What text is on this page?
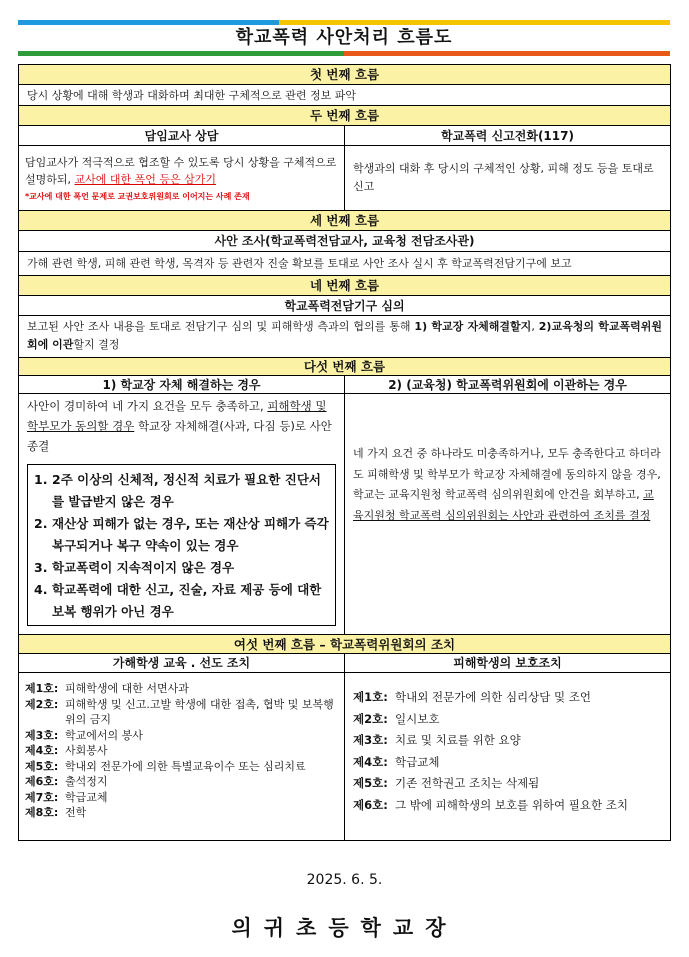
학교폭력 사안처리 흐름도
첫 번째 흐름
당시 상황에 대해 학생과 대화하며 최대한 구체적으로 관련 정보 파악
두 번째 흐름
담임교사 상담
담임교사가 적극적으로 협조할 수 있도록 당시 상황을 구체적으로 설명하되, 교사에 대한 폭언 등은 삼가기
*교사에 대한 폭언 문제로 교권보호위원회로 이어지는 사례 존재
학교폭력 신고전화(117)
학생과의 대화 후 당시의 구체적인 상황, 피해 정도 등을 토대로 신고
세 번째 흐름
사안 조사(학교폭력전담교사, 교육청 전담조사관)
가해 관련 학생, 피해 관련 학생, 목격자 등 관련자 진술 확보를 토대로 사안 조사 실시 후 학교폭력전담기구에 보고
네 번째 흐름
학교폭력전담기구 심의
보고된 사안 조사 내용을 토대로 전담기구 심의 및 피해학생 측과의 협의를 통해 1) 학교장 자체해결할지, 2)교육청의 학교폭력위원회에 이관할지 결정
다섯 번째 흐름
1) 학교장 자체 해결하는 경우
사안이 경미하여 네 가지 요건을 모두 충족하고, 피해학생 및 학부모가 동의할 경우 학교장 자체해결(사과, 다짐 등)로 사안 종결
1. 2주 이상의 신체적, 정신적 치료가 필요한 진단서를 발급받지 않은 경우
2. 재산상 피해가 없는 경우, 또는 재산상 피해가 즉각 복구되거나 복구 약속이 있는 경우
3. 학교폭력이 지속적이지 않은 경우
4. 학교폭력에 대한 신고, 진술, 자료 제공 등에 대한 보복 행위가 아닌 경우
2) (교육청) 학교폭력위원회에 이관하는 경우
네 가지 요건 중 하나라도 미충족하거나, 모두 충족한다고 하더라도 피해학생 및 학부모가 학교장 자체해결에 동의하지 않을 경우, 학교는 교육지원청 학교폭력 심의위원회에 안건을 회부하고, 교육지원청 학교폭력 심의위원회는 사안과 관련하여 조치를 결정
여섯 번째 흐름 – 학교폭력위원회의 조치
가해학생 교육 . 선도 조치
제1호: 피해학생에 대한 서면사과
제2호: 피해학생 및 신고.고발 학생에 대한 접촉, 협박 및 보복행위의 금지
제3호: 학교에서의 봉사
제4호: 사회봉사
제5호: 학내외 전문가에 의한 특별교육이수 또는 심리치료
제6호: 출석정지
제7호: 학급교체
제8호: 전학
피해학생의 보호조치
제1호: 학내외 전문가에 의한 심리상담 및 조언
제2호: 일시보호
제3호: 치료 및 치료를 위한 요양
제4호: 학급교체
제5호: 기존 전학권고 조치는 삭제됨
제6호: 그 밖에 피해학생의 보호를 위하여 필요한 조치
2025. 6. 5.
의귀초등학교장
